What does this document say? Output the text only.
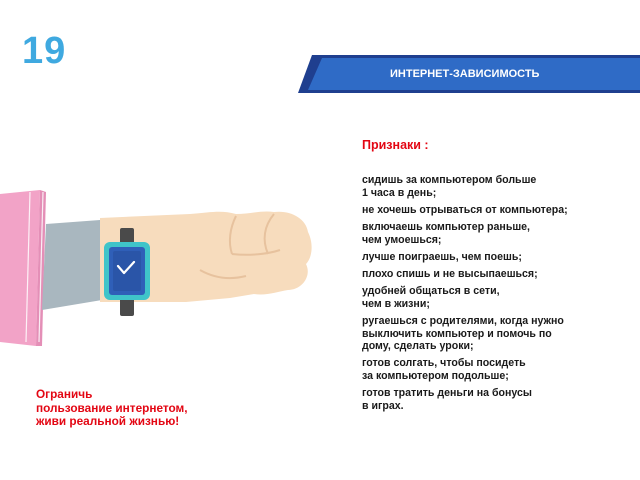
19
ИНТЕРНЕТ-ЗАВИСИМОСТЬ
Признаки :
сидишь за компьютером больше
1 часа в день;
не хочешь отрываться от компьютера;
включаешь компьютер раньше,
чем умоешься;
лучше поиграешь, чем поешь;
плохо спишь и не высыпаешься;
удобней общаться в сети,
чем в жизни;
ругаешься с родителями, когда нужно
выключить компьютер и помочь по
дому, сделать уроки;
готов солгать, чтобы посидеть
за компьютером подольше;
готов тратить деньги на бонусы
в играх.
Ограничь
пользование интернетом,
живи реальной жизнью!
